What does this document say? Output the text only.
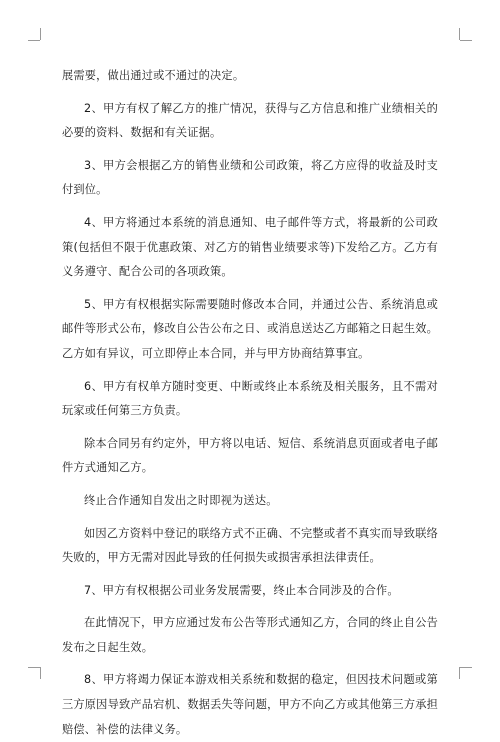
展需要，做出通过或不通过的决定。

2、甲方有权了解乙方的推广情况，获得与乙方信息和推广业绩相关的必要的资料、数据和有关证据。

3、甲方会根据乙方的销售业绩和公司政策，将乙方应得的收益及时支付到位。

4、甲方将通过本系统的消息通知、电子邮件等方式，将最新的公司政策(包括但不限于优惠政策、对乙方的销售业绩要求等)下发给乙方。乙方有义务遵守、配合公司的各项政策。

5、甲方有权根据实际需要随时修改本合同，并通过公告、系统消息或邮件等形式公布，修改自公告公布之日、或消息送达乙方邮箱之日起生效。乙方如有异议，可立即停止本合同，并与甲方协商结算事宜。

6、甲方有权单方随时变更、中断或终止本系统及相关服务，且不需对玩家或任何第三方负责。

除本合同另有约定外，甲方将以电话、短信、系统消息页面或者电子邮件方式通知乙方。

终止合作通知自发出之时即视为送达。

如因乙方资料中登记的联络方式不正确、不完整或者不真实而导致联络失败的，甲方无需对因此导致的任何损失或损害承担法律责任。

7、甲方有权根据公司业务发展需要，终止本合同涉及的合作。

在此情况下，甲方应通过发布公告等形式通知乙方，合同的终止自公告发布之日起生效。

8、甲方将竭力保证本游戏相关系统和数据的稳定，但因技术问题或第三方原因导致产品宕机、数据丢失等问题，甲方不向乙方或其他第三方承担赔偿、补偿的法律义务。
